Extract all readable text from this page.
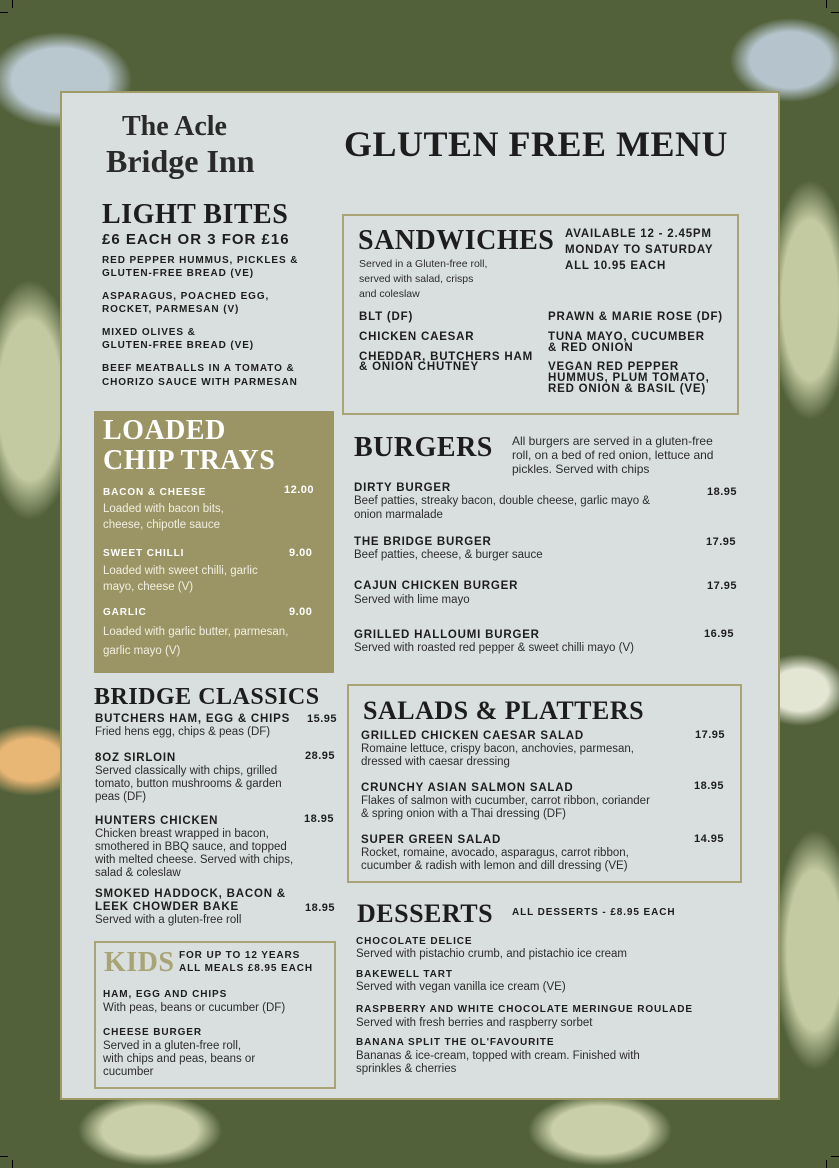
The Acle
Bridge Inn GLUTEN FREE MENU
LIGHT BITES
£6 EACH OR 3 FOR £16
RED PEPPER HUMMUS, PICKLES &
GLUTEN-FREE BREAD (VE)
ASPARAGUS, POACHED EGG,
ROCKET, PARMESAN (V)
MIXED OLIVES &
GLUTEN-FREE BREAD (VE)
BEEF MEATBALLS IN A TOMATO &
CHORIZO SAUCE WITH PARMESAN
SANDWICHES
Served in a Gluten-free roll,
served with salad, crisps
and coleslaw
AVAILABLE 12 - 2.45PM
MONDAY TO SATURDAY
ALL 10.95 EACH
BLT (DF)
CHICKEN CAESAR
CHEDDAR, BUTCHERS HAM
& ONION CHUTNEY
PRAWN & MARIE ROSE (DF)
TUNA MAYO, CUCUMBER
& RED ONION
VEGAN RED PEPPER
HUMMUS, PLUM TOMATO,
RED ONION & BASIL (VE)
LOADED
CHIP TRAYS
BACON & CHEESE	12.00
Loaded with bacon bits,
cheese, chipotle sauce
SWEET CHILLI	9.00
Loaded with sweet chilli, garlic
mayo, cheese (V)
GARLIC	9.00
Loaded with garlic butter, parmesan,
garlic mayo (V)
BURGERS All burgers are served in a gluten-free
roll, on a bed of red onion, lettuce and
pickles. Served with chips
DIRTY BURGER	18.95
Beef patties, streaky bacon, double cheese, garlic mayo &
onion marmalade
THE BRIDGE BURGER	17.95
Beef patties, cheese, & burger sauce
CAJUN CHICKEN BURGER	17.95
Served with lime mayo
GRILLED HALLOUMI BURGER	16.95
Served with roasted red pepper & sweet chilli mayo (V)
BRIDGE CLASSICS
BUTCHERS HAM, EGG & CHIPS 15.95
Fried hens egg, chips & peas (DF)
8OZ SIRLOIN	28.95
Served classically with chips, grilled
tomato, button mushrooms & garden
peas (DF)
HUNTERS CHICKEN	18.95
Chicken breast wrapped in bacon,
smothered in BBQ sauce, and topped
with melted cheese. Served with chips,
salad & coleslaw
SMOKED HADDOCK, BACON &
LEEK CHOWDER BAKE	18.95
Served with a gluten-free roll
SALADS & PLATTERS
GRILLED CHICKEN CAESAR SALAD	17.95
Romaine lettuce, crispy bacon, anchovies, parmesan,
dressed with caesar dressing
CRUNCHY ASIAN SALMON SALAD	18.95
Flakes of salmon with cucumber, carrot ribbon, coriander
& spring onion with a Thai dressing (DF)
SUPER GREEN SALAD	14.95
Rocket, romaine, avocado, asparagus, carrot ribbon,
cucumber & radish with lemon and dill dressing (VE)
KIDS FOR UP TO 12 YEARS
ALL MEALS £8.95 EACH
HAM, EGG AND CHIPS
With peas, beans or cucumber (DF)
CHEESE BURGER
Served in a gluten-free roll,
with chips and peas, beans or
cucumber
DESSERTS ALL DESSERTS - £8.95 EACH
CHOCOLATE DELICE
Served with pistachio crumb, and pistachio ice cream
BAKEWELL TART
Served with vegan vanilla ice cream (VE)
RASPBERRY AND WHITE CHOCOLATE MERINGUE ROULADE
Served with fresh berries and raspberry sorbet
BANANA SPLIT THE OL'FAVOURITE
Bananas & ice-cream, topped with cream. Finished with
sprinkles & cherries
